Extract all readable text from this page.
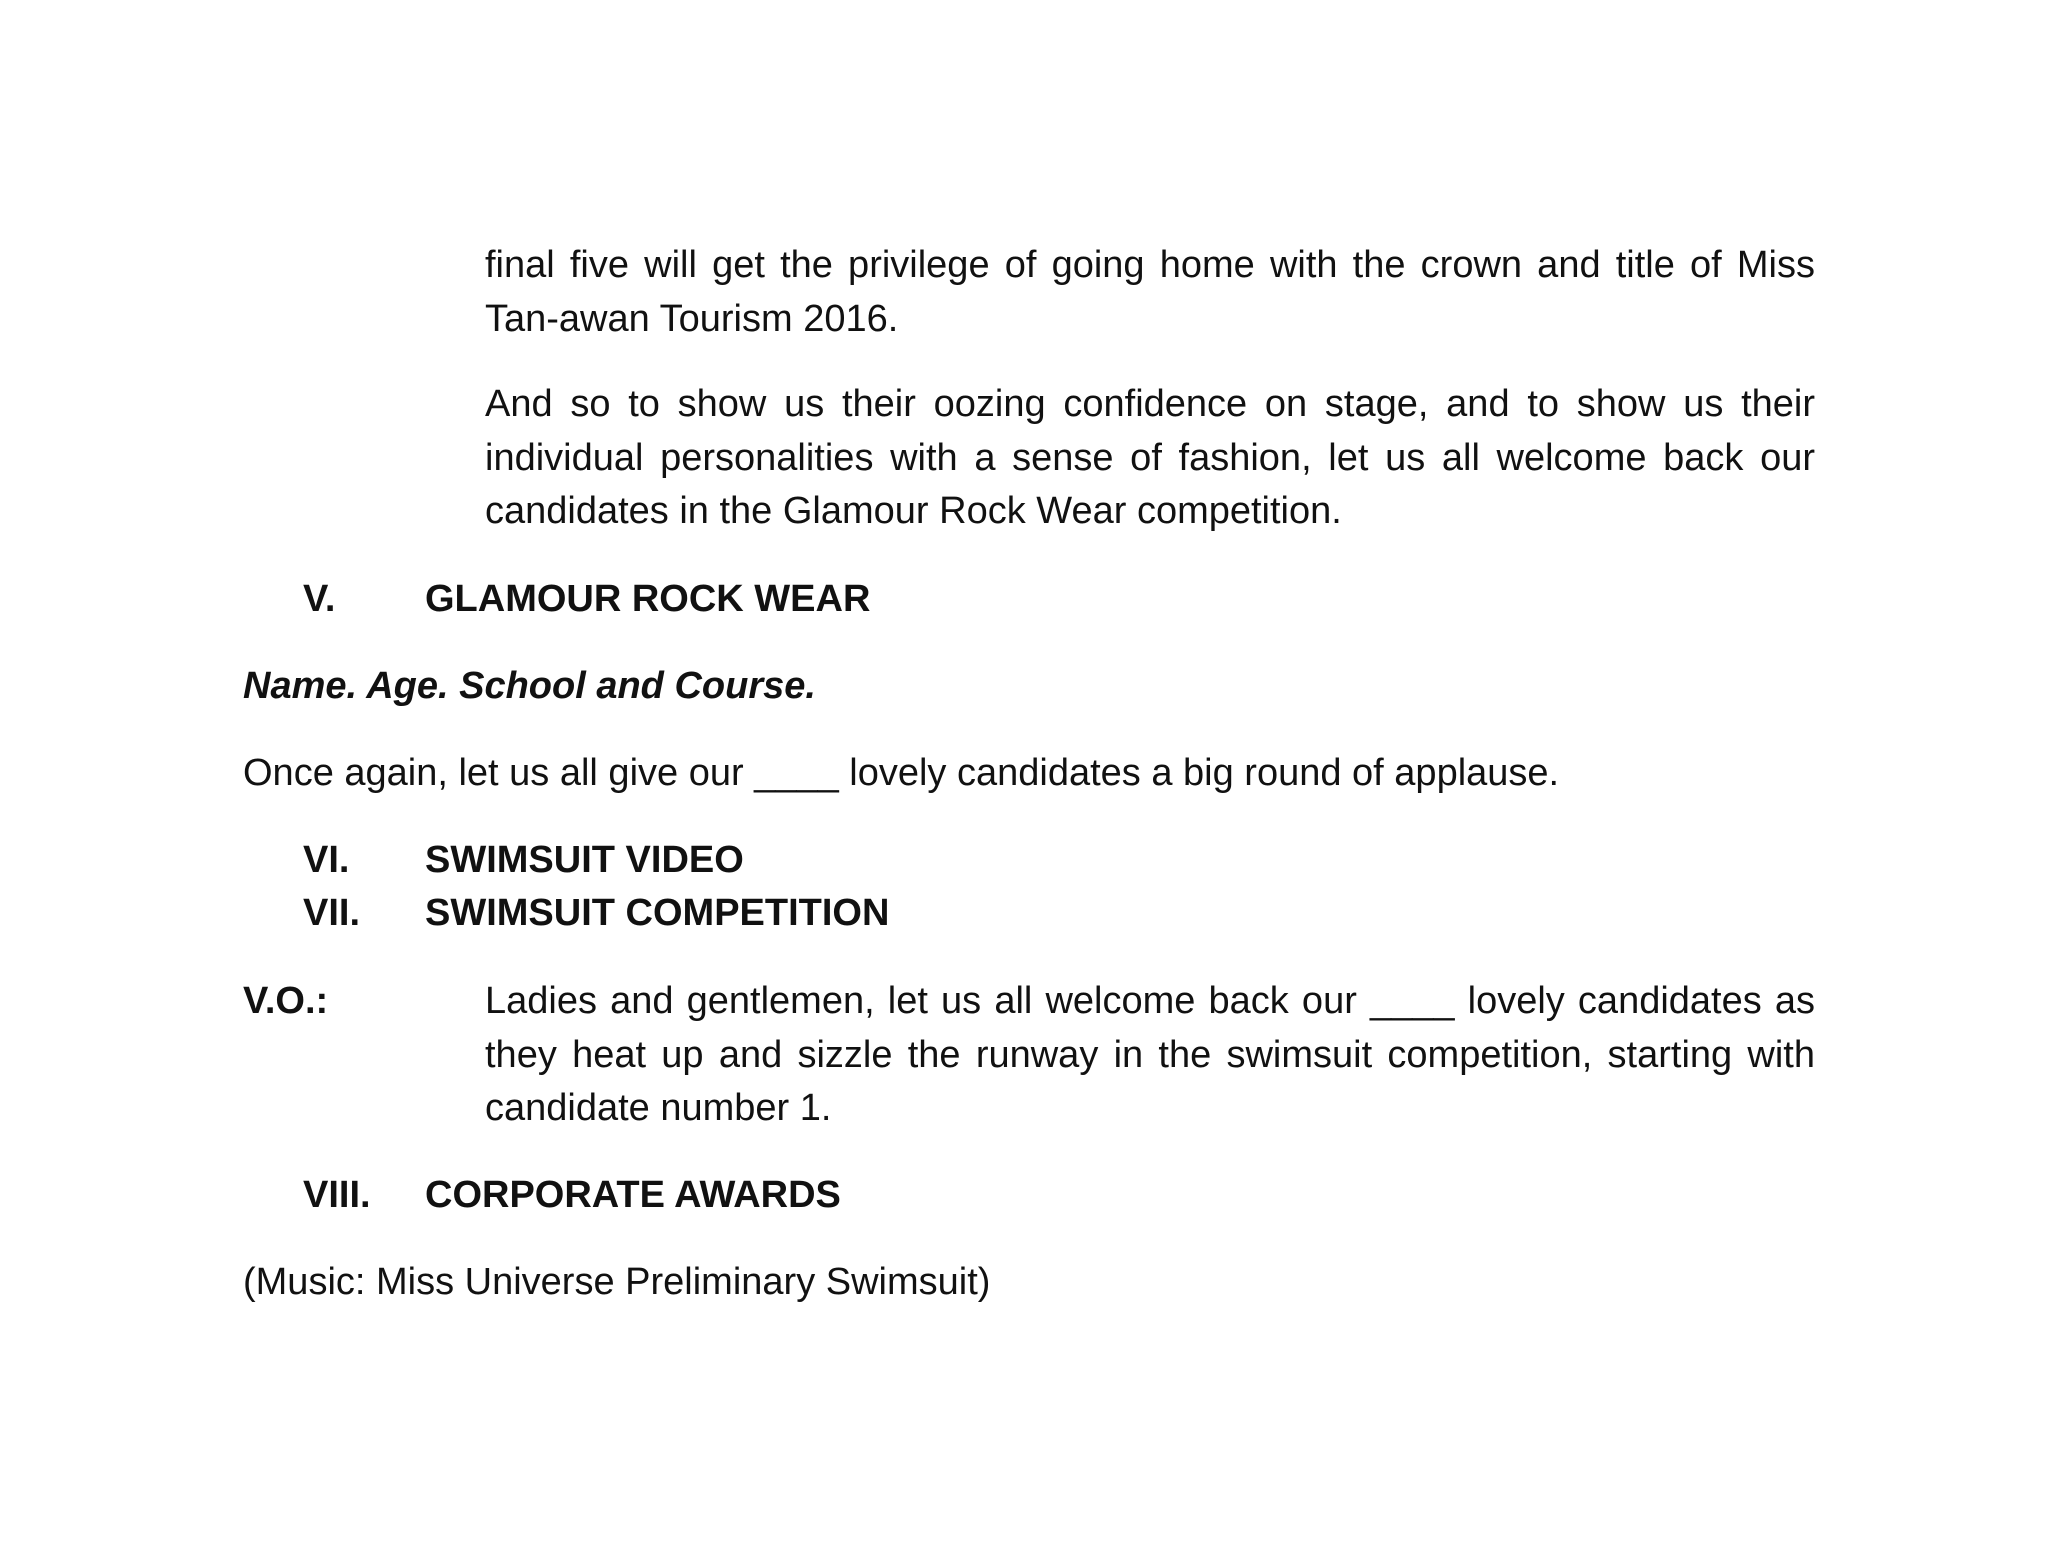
final five will get the privilege of going home with the crown and title of Miss Tan-awan Tourism 2016.

And so to show us their oozing confidence on stage, and to show us their individual personalities with a sense of fashion, let us all welcome back our candidates in the Glamour Rock Wear competition.

V. GLAMOUR ROCK WEAR
Name. Age. School and Course.
Once again, let us all give our ____ lovely candidates a big round of applause.
VI. SWIMSUIT VIDEO
VII. SWIMSUIT COMPETITION
V.O.:	Ladies and gentlemen, let us all welcome back our ____ lovely candidates as they heat up and sizzle the runway in the swimsuit competition, starting with candidate number 1.

VIII. CORPORATE AWARDS
(Music: Miss Universe Preliminary Swimsuit)
